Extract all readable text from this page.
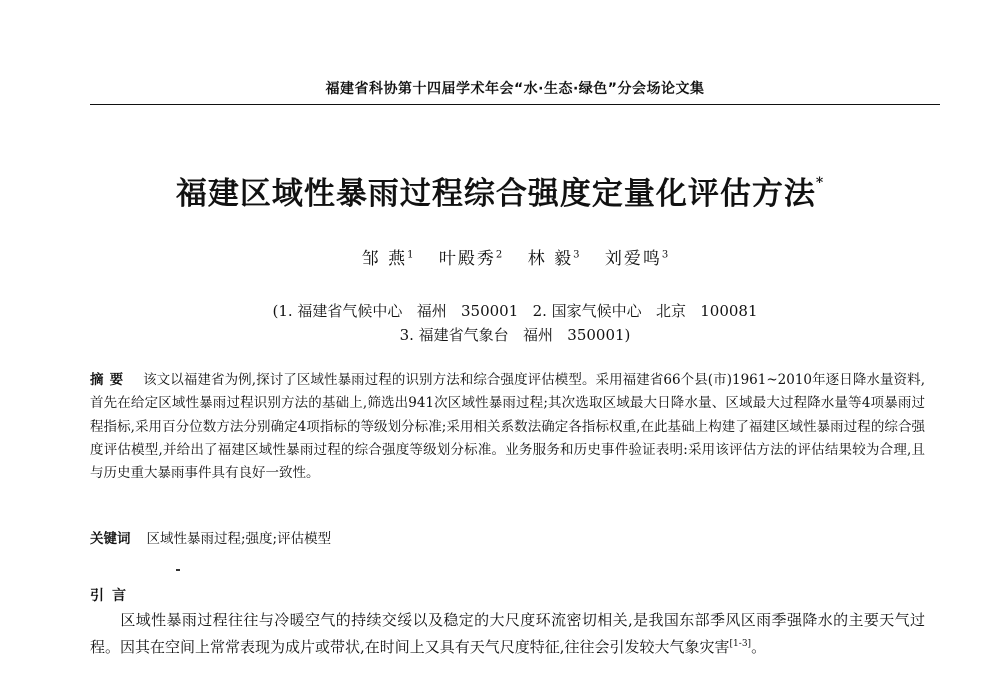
福建省科协第十四届学术年会“水·生态·绿色”分会场论文集
福建区域性暴雨过程综合强度定量化评估方法*
邹 燕$^1$ 叶殿秀$^2$ 林 毅$^3$ 刘爱鸣$^3$
(1. 福建省气候中心   福州   350001   2. 国家气候中心   北京   100081
3. 福建省气象台   福州   350001)
摘要 该文以福建省为例,探讨了区域性暴雨过程的识别方法和综合强度评估模型。采用福建省66个县(市)1961~2010年逐日降水量资料,首先在给定区域性暴雨过程识别方法的基础上,筛选出941次区域性暴雨过程;其次选取区域最大日降水量、区域最大过程降水量等4项暴雨过程指标,采用百分位数方法分别确定4项指标的等级划分标准;采用相关系数法确定各指标权重,在此基础上构建了福建区域性暴雨过程的综合强度评估模型,并给出了福建区域性暴雨过程的综合强度等级划分标准。业务服务和历史事件验证表明:采用该评估方法的评估结果较为合理,且与历史重大暴雨事件具有良好一致性。
关键词 区域性暴雨过程;强度;评估模型
引言
区域性暴雨过程往往与冷暖空气的持续交绥以及稳定的大尺度环流密切相关,是我国东部季风区雨季强降水的主要天气过程。因其在空间上常常表现为成片或带状,在时间上又具有天气尺度特征,往往会引发较大气象灾害[1-3]。
